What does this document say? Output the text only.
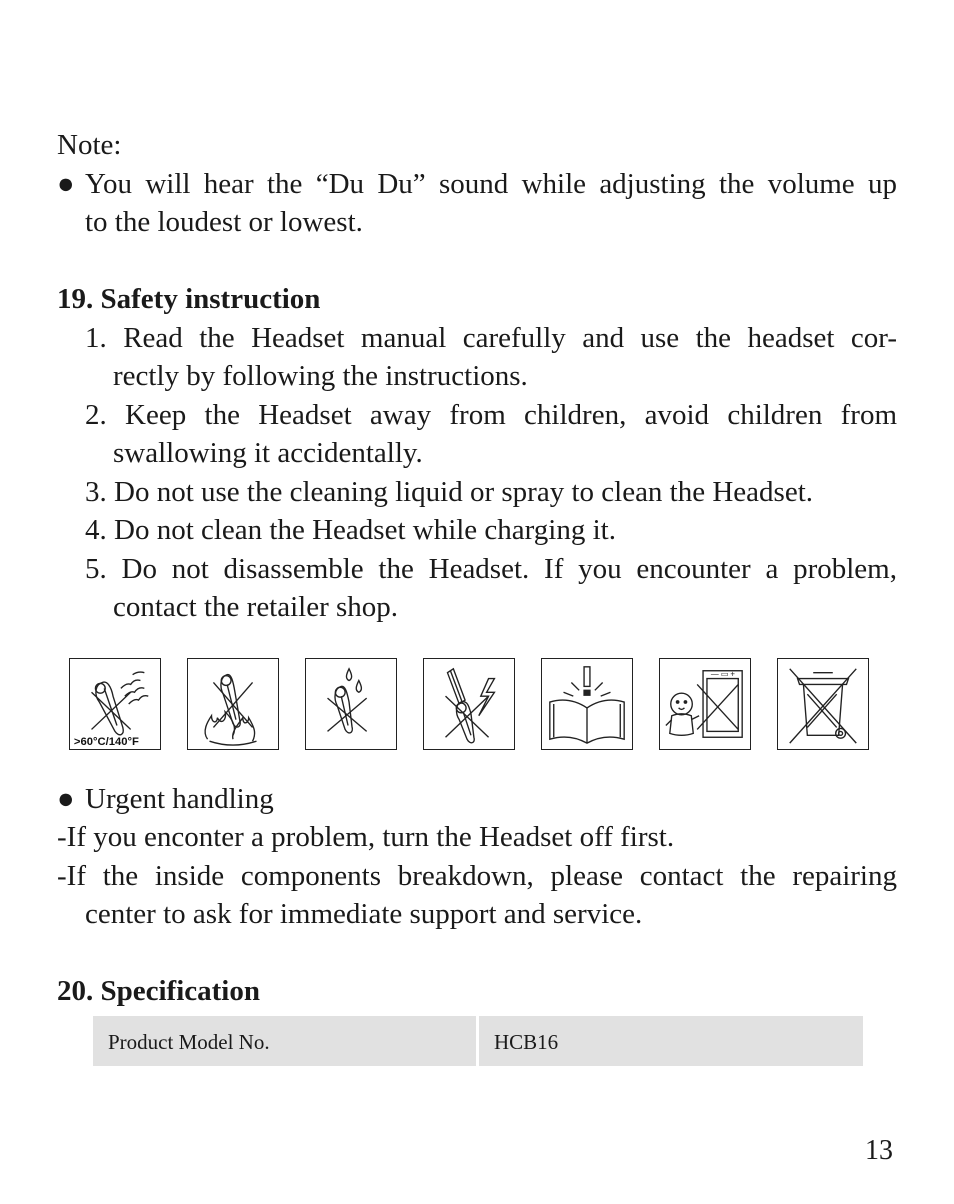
Note:
● You will hear the “Du Du” sound while adjusting the volume up
to the loudest or lowest.
19. Safety instruction
1. Read the Headset manual carefully and use the headset cor-
rectly by following the instructions.
2. Keep the Headset away from children, avoid children from
swallowing it accidentally.
3. Do not use the cleaning liquid or spray to clean the Headset.
4. Do not clean the Headset while charging it.
5. Do not disassemble the Headset. If you encounter a problem,
contact the retailer shop.
>60°C/140°F
— ▭ +
● Urgent handling
-If you enconter a problem, turn the Headset off first.
-If the inside components breakdown, please contact the repairing
center to ask for immediate support and service.
20. Specification
Product Model No.	HCB16
13
